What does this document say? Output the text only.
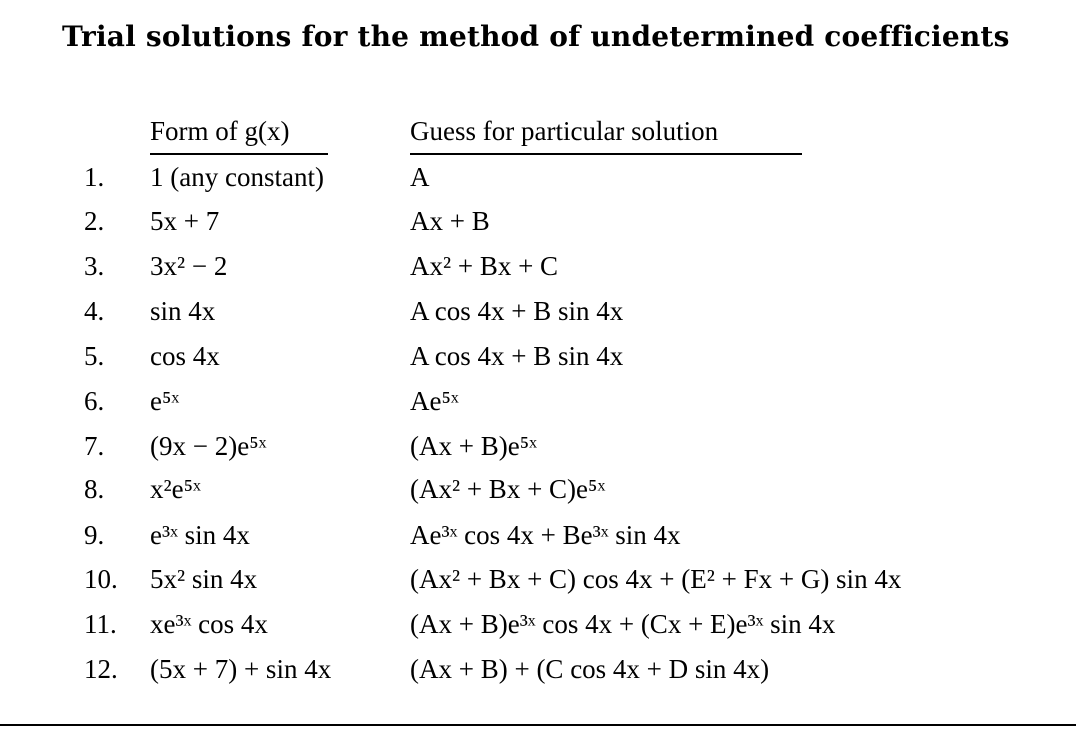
Trial solutions for the method of undetermined coefficients
Form of g(x)	Guess for particular solution
1. 1 (any constant)	A
2. 5x + 7	Ax + B
3. 3x² − 2	Ax² + Bx + C
4. sin 4x	A cos 4x + B sin 4x
5. cos 4x	A cos 4x + B sin 4x
6. e⁵ˣ	Ae⁵ˣ
7. (9x − 2)e⁵ˣ	(Ax + B)e⁵ˣ
8. x²e⁵ˣ	(Ax² + Bx + C)e⁵ˣ
9. e³ˣ sin 4x	Ae³ˣ cos 4x + Be³ˣ sin 4x
10. 5x² sin 4x	(Ax² + Bx + C) cos 4x + (E² + Fx + G) sin 4x
11. xe³ˣ cos 4x	(Ax + B)e³ˣ cos 4x + (Cx + E)e³ˣ sin 4x
12. (5x + 7) + sin 4x	(Ax + B) + (C cos 4x + D sin 4x)
